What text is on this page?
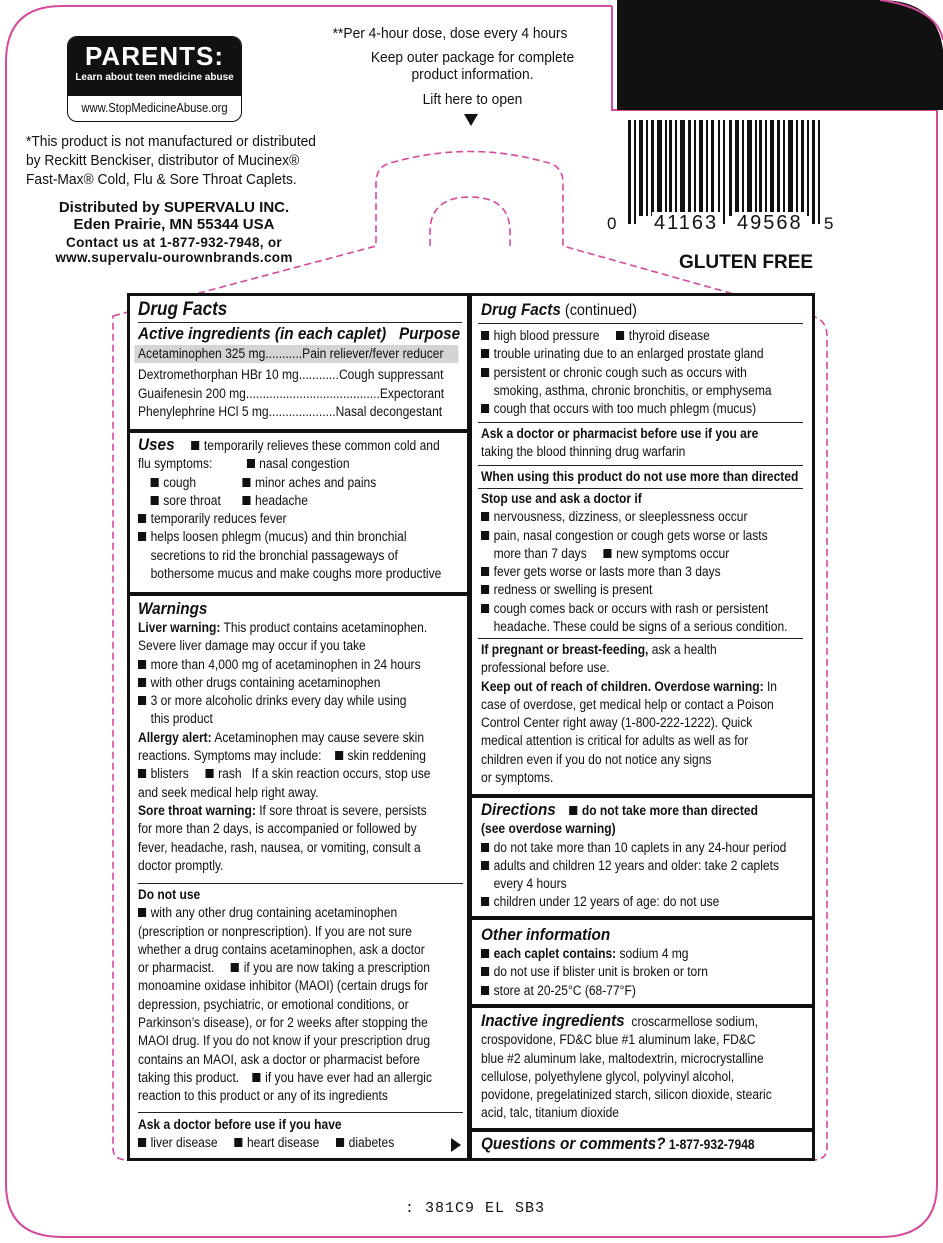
PARENTS:
Learn about teen medicine abuse
www.StopMedicineAbuse.org
**Per 4-hour dose, dose every 4 hours
Keep outer package for complete
product information.
Lift here to open
*This product is not manufactured or distributed
by Reckitt Benckiser, distributor of Mucinex®
Fast-Max® Cold, Flu & Sore Throat Caplets.
Distributed by SUPERVALU INC.
Eden Prairie, MN 55344 USA
Contact us at 1-877-932-7948, or
www.supervalu-ourownbrands.com
0 41163 49568 5
GLUTEN FREE
Drug Facts
Active ingredients (in each caplet) Purpose
Acetaminophen 325 mg...........Pain reliever/fever reducer
Dextromethorphan HBr 10 mg............Cough suppressant
Guaifenesin 200 mg........................................Expectorant
Phenylephrine HCl 5 mg....................Nasal decongestant
Uses temporarily relieves these common cold and
flu symptoms:	nasal congestion
cough	minor aches and pains
sore throat	headache
temporarily reduces fever
helps loosen phlegm (mucus) and thin bronchial
secretions to rid the bronchial passageways of
bothersome mucus and make coughs more productive
Warnings
Liver warning: This product contains acetaminophen.
Severe liver damage may occur if you take
more than 4,000 mg of acetaminophen in 24 hours
with other drugs containing acetaminophen
3 or more alcoholic drinks every day while using
this product
Allergy alert: Acetaminophen may cause severe skin
reactions. Symptoms may include: skin reddening
blisters rash If a skin reaction occurs, stop use
and seek medical help right away.
Sore throat warning: If sore throat is severe, persists
for more than 2 days, is accompanied or followed by
fever, headache, rash, nausea, or vomiting, consult a
doctor promptly.
Do not use
with any other drug containing acetaminophen
(prescription or nonprescription). If you are not sure
whether a drug contains acetaminophen, ask a doctor
or pharmacist. if you are now taking a prescription
monoamine oxidase inhibitor (MAOI) (certain drugs for
depression, psychiatric, or emotional conditions, or
Parkinson’s disease), or for 2 weeks after stopping the
MAOI drug. If you do not know if your prescription drug
contains an MAOI, ask a doctor or pharmacist before
taking this product. if you have ever had an allergic
reaction to this product or any of its ingredients
Ask a doctor before use if you have
liver disease heart disease diabetes
Drug Facts (continued)
high blood pressure thyroid disease
trouble urinating due to an enlarged prostate gland
persistent or chronic cough such as occurs with
smoking, asthma, chronic bronchitis, or emphysema
cough that occurs with too much phlegm (mucus)
Ask a doctor or pharmacist before use if you are
taking the blood thinning drug warfarin
When using this product do not use more than directed
Stop use and ask a doctor if
nervousness, dizziness, or sleeplessness occur
pain, nasal congestion or cough gets worse or lasts
more than 7 days new symptoms occur
fever gets worse or lasts more than 3 days
redness or swelling is present
cough comes back or occurs with rash or persistent
headache. These could be signs of a serious condition.
If pregnant or breast-feeding, ask a health
professional before use.
Keep out of reach of children. Overdose warning: In
case of overdose, get medical help or contact a Poison
Control Center right away (1-800-222-1222). Quick
medical attention is critical for adults as well as for
children even if you do not notice any signs
or symptoms.
Directions do not take more than directed
(see overdose warning)
do not take more than 10 caplets in any 24-hour period
adults and children 12 years and older: take 2 caplets
every 4 hours
children under 12 years of age: do not use
Other information
each caplet contains: sodium 4 mg
do not use if blister unit is broken or torn
store at 20-25°C (68-77°F)
Inactive ingredients croscarmellose sodium,
crospovidone, FD&C blue #1 aluminum lake, FD&C
blue #2 aluminum lake, maltodextrin, microcrystalline
cellulose, polyethylene glycol, polyvinyl alcohol,
povidone, pregelatinized starch, silicon dioxide, stearic
acid, talc, titanium dioxide
Questions or comments? 1-877-932-7948
: 381C9 EL SB3
